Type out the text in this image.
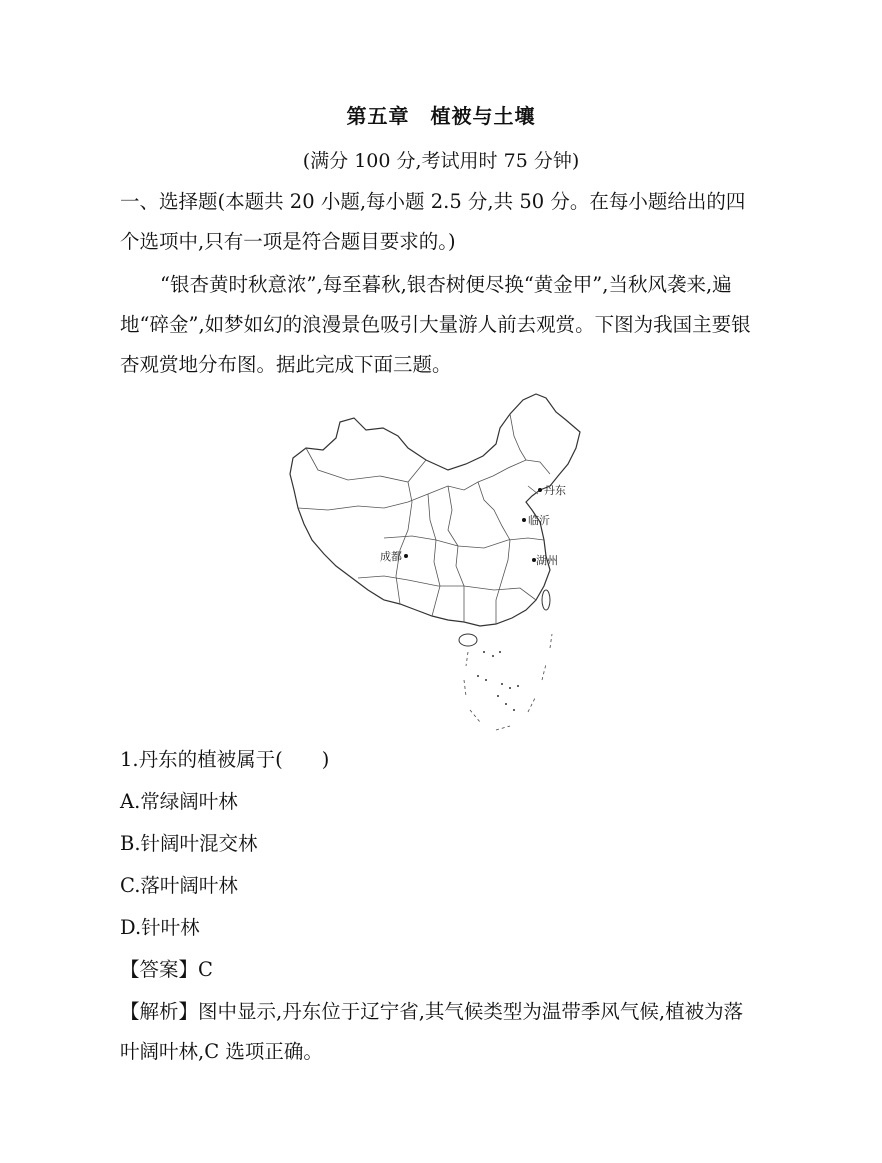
第五章　植被与土壤
(满分 100 分,考试用时 75 分钟)

一、选择题(本题共 20 小题,每小题 2.5 分,共 50 分。在每小题给出的四个选项中,只有一项是符合题目要求的。)

“银杏黄时秋意浓”,每至暮秋,银杏树便尽换“黄金甲”,当秋风袭来,遍地“碎金”,如梦如幻的浪漫景色吸引大量游人前去观赏。下图为我国主要银杏观赏地分布图。据此完成下面三题。

丹东
临沂
成都	湖州
1.丹东的植被属于(　　)
A.常绿阔叶林
B.针阔叶混交林
C.落叶阔叶林
D.针叶林
【答案】C

【解析】图中显示,丹东位于辽宁省,其气候类型为温带季风气候,植被为落叶阔叶林,C 选项正确。
